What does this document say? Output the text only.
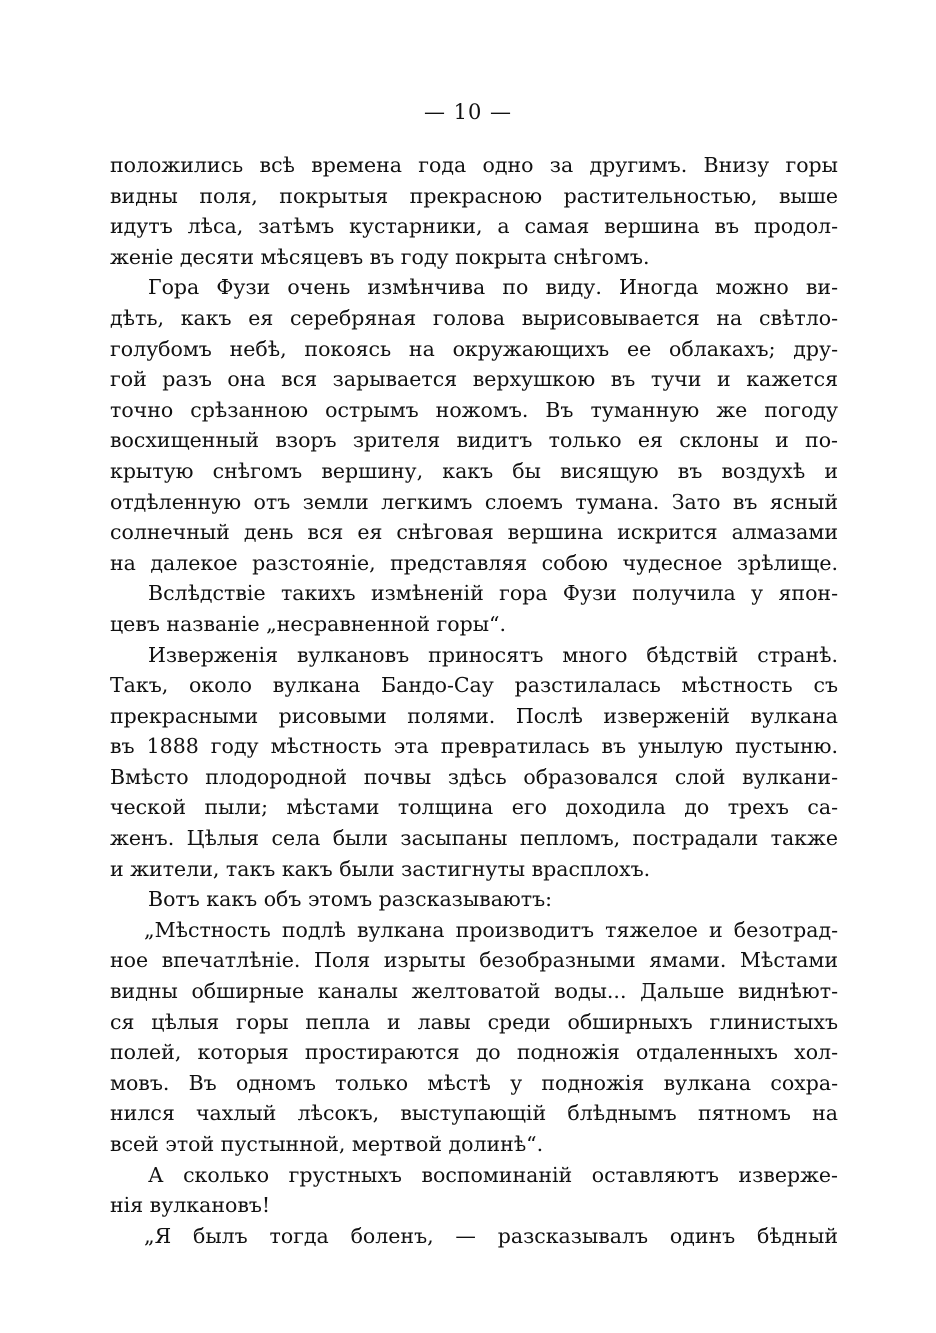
— 10 —
положились всѣ времена года одно за другимъ. Внизу горы
видны поля, покрытыя прекрасною растительностью, выше
идутъ лѣса, затѣмъ кустарники, а самая вершина въ продол-
женіе десяти мѣсяцевъ въ году покрыта снѣгомъ.
Гора Фузи очень измѣнчива по виду. Иногда можно ви-
дѣть, какъ ея серебряная голова вырисовывается на свѣтло-
голубомъ небѣ, покоясь на окружающихъ ее облакахъ; дру-
гой разъ она вся зарывается верхушкою въ тучи и кажется
точно срѣзанною острымъ ножомъ. Въ туманную же погоду
восхищенный взоръ зрителя видитъ только ея склоны и по-
крытую снѣгомъ вершину, какъ бы висящую въ воздухѣ и
отдѣленную отъ земли легкимъ слоемъ тумана. Зато въ ясный
солнечный день вся ея снѣговая вершина искрится алмазами
на далекое разстояніе, представляя собою чудесное зрѣлище.
Вслѣдствіе такихъ измѣненій гора Фузи получила у япон-
цевъ названіе „несравненной горы“.
Изверженія вулкановъ приносятъ много бѣдствій странѣ.
Такъ, около вулкана Бандо-Сау разстилалась мѣстность съ
прекрасными рисовыми полями. Послѣ изверженій вулкана
въ 1888 году мѣстность эта превратилась въ унылую пустыню.
Вмѣсто плодородной почвы здѣсь образовался слой вулкани-
ческой пыли; мѣстами толщина его доходила до трехъ са-
женъ. Цѣлыя села были засыпаны пепломъ, пострадали также
и жители, такъ какъ были застигнуты врасплохъ.
Вотъ какъ объ этомъ разсказываютъ:
„Мѣстность подлѣ вулкана производитъ тяжелое и безотрад-
ное впечатлѣніе. Поля изрыты безобразными ямами. Мѣстами
видны обширные каналы желтоватой воды... Дальше виднѣют-
ся цѣлыя горы пепла и лавы среди обширныхъ глинистыхъ
полей, которыя простираются до подножія отдаленныхъ хол-
мовъ. Въ одномъ только мѣстѣ у подножія вулкана сохра-
нился чахлый лѣсокъ, выступающій блѣднымъ пятномъ на
всей этой пустынной, мертвой долинѣ“.
А сколько грустныхъ воспоминаній оставляютъ изверже-
нія вулкановъ!
„Я былъ тогда боленъ, — разсказывалъ одинъ бѣдный
